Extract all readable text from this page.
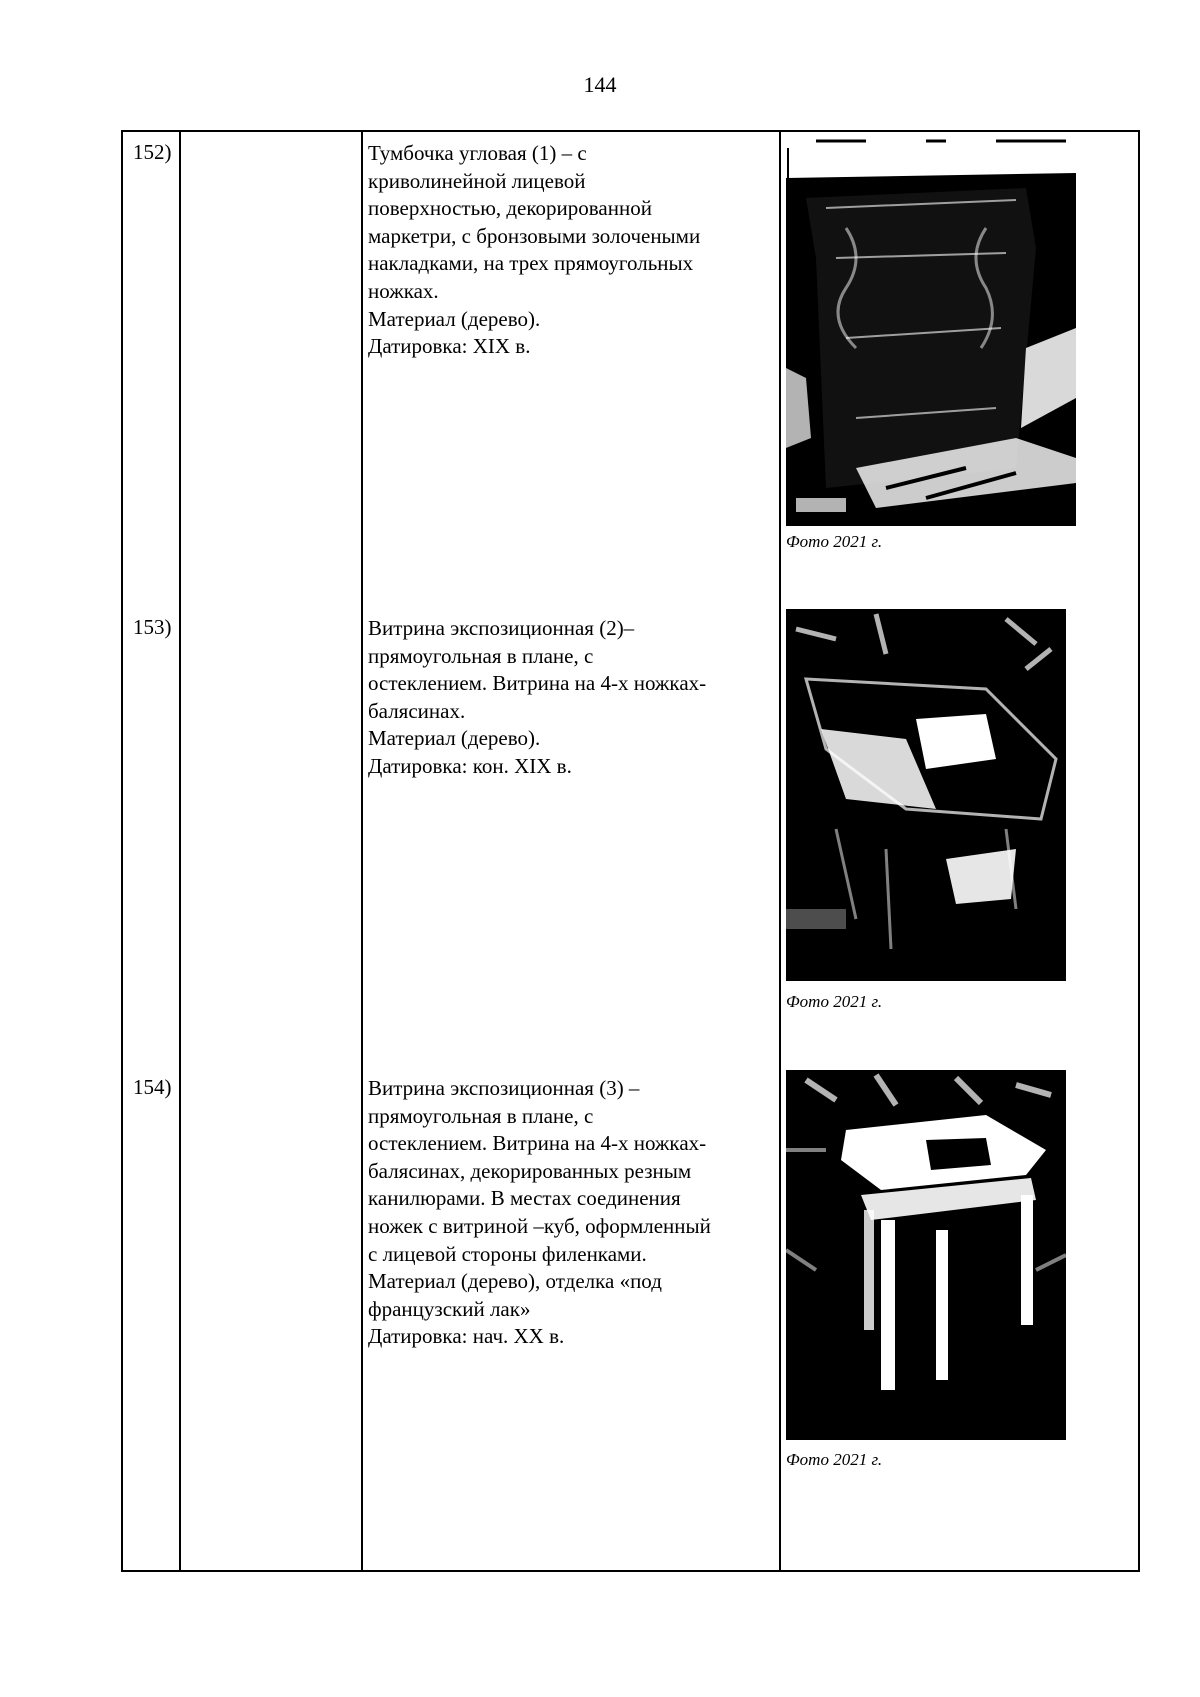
144
152)	Тумбочка угловая (1) – с
криволинейной лицевой
поверхностью, декорированной
маркетри, с бронзовыми золочеными
накладками, на трех прямоугольных
ножках.
Материал (дерево).
Датировка: XIX в.
Фото 2021 г.
153)	Витрина экспозиционная (2)–
прямоугольная в плане, с
остеклением. Витрина на 4-х ножках-
балясинах.
Материал (дерево).
Датировка: кон. XIX в.
Фото 2021 г.
154)	Витрина экспозиционная (3) –
прямоугольная в плане, с
остеклением. Витрина на 4-х ножках-
балясинах, декорированных резным
канилюрами. В местах соединения
ножек с витриной –куб, оформленный
с лицевой стороны филенками.
Материал (дерево), отделка «под
французский лак»
Датировка: нач. XX в.
Фото 2021 г.
